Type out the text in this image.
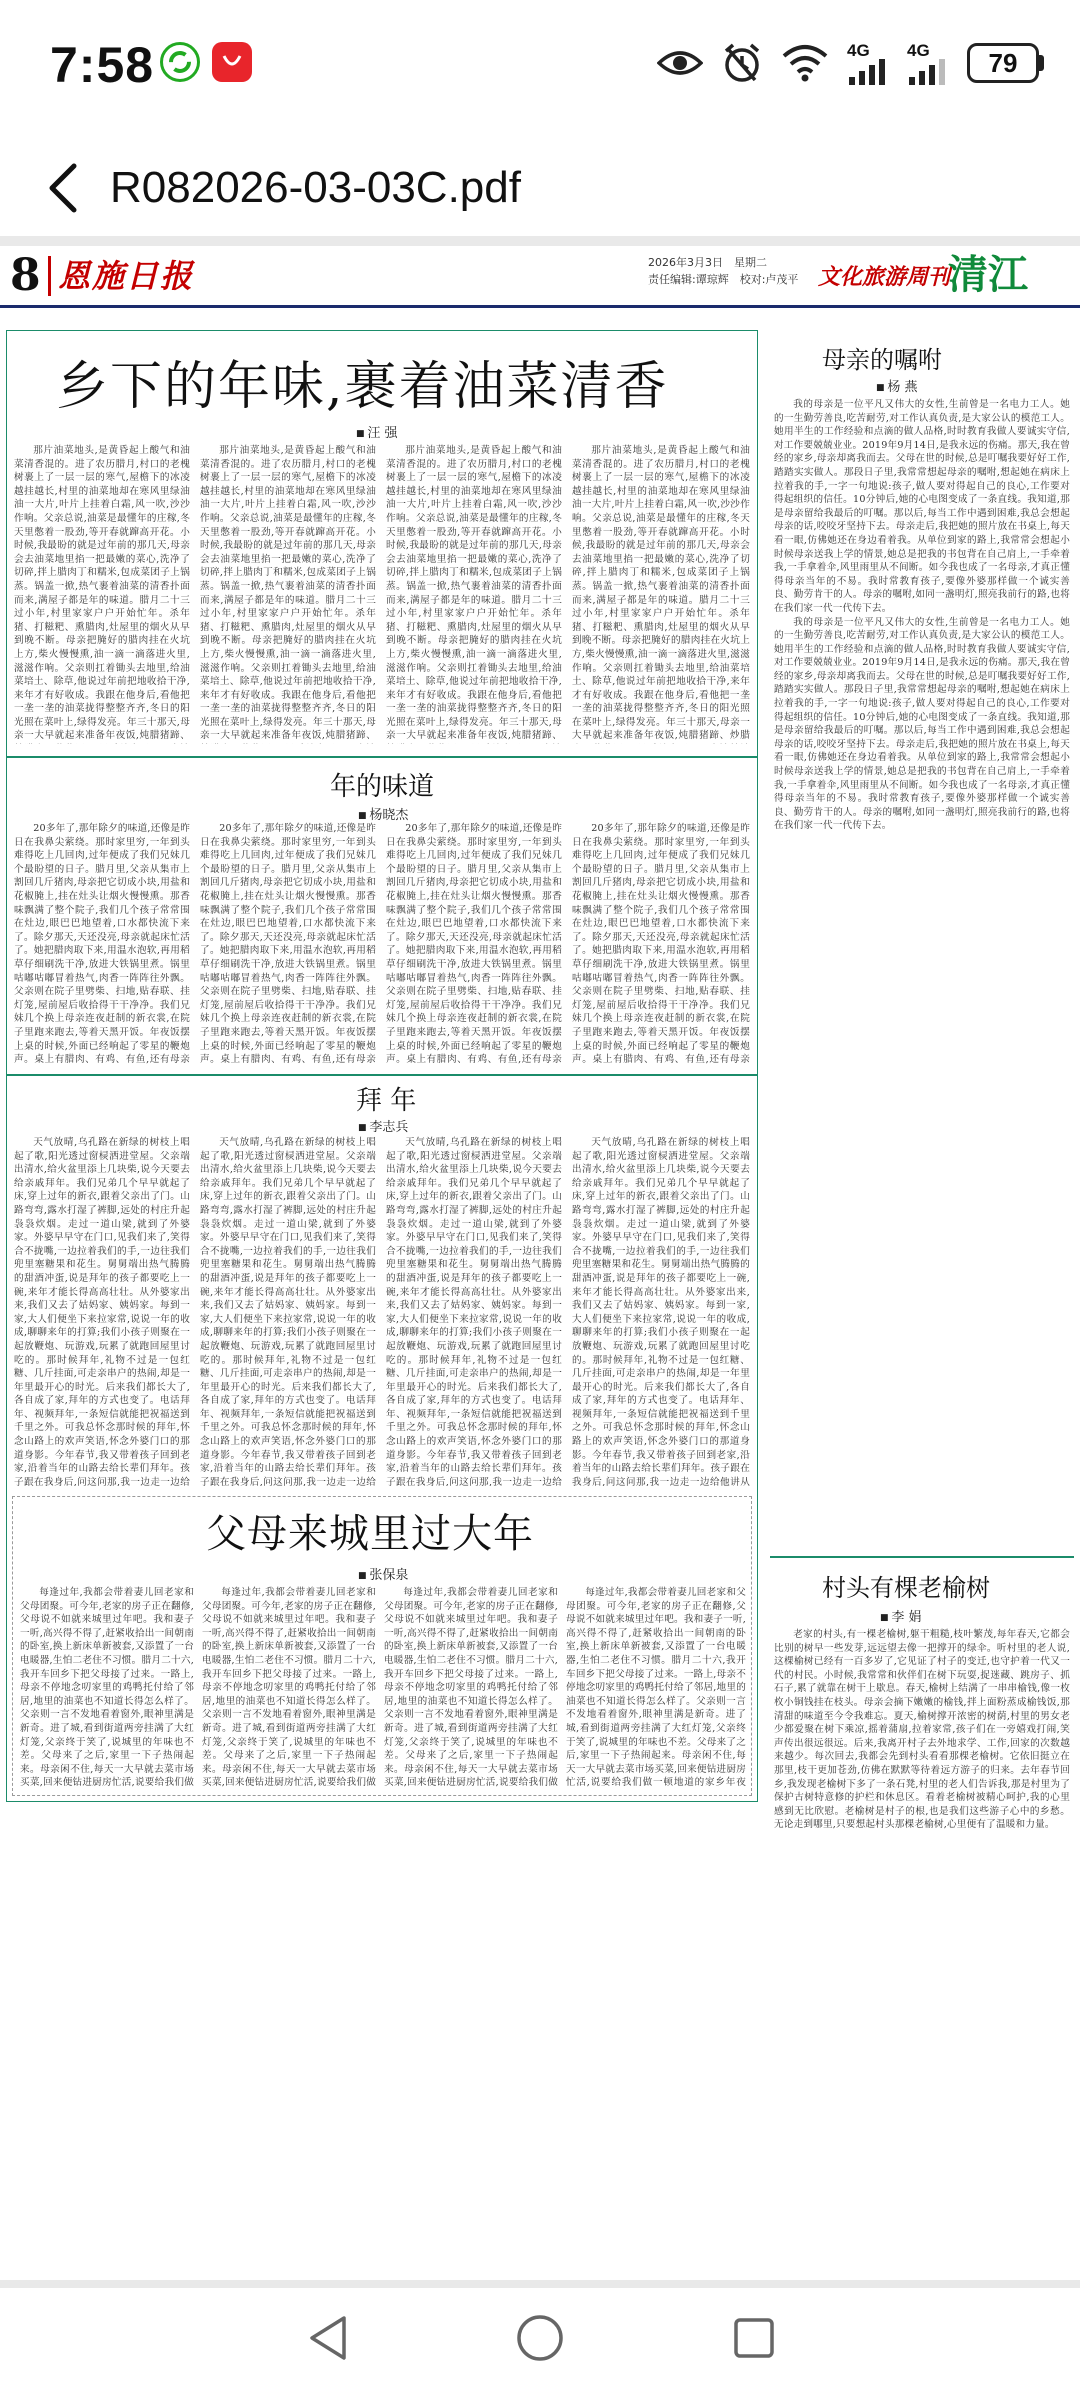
7:58	4G 4G	79
R082026-03-03C.pdf
8 恩施日报	2026年3月3日　星期二
责任编辑:谭琼辉　校对:卢茂平 文化旅游周刊
清江
乡下的年味,裹着油菜清香
■ 汪 强

那片油菜地头,是黄昏起上酸气和油菜清香混的。进了农历腊月,村口的老槐树裹上了一层一层的寒气,屋檐下的冰凌越挂越长,村里的油菜地却在寒风里绿油油一大片,叶片上挂着白霜,风一吹,沙沙作响。父亲总说,油菜是最懂年的庄稼,冬天里憋着一股劲,等开春就蹿高开花。小时候,我最盼的就是过年前的那几天,母亲会去油菜地里掐一把最嫩的菜心,洗净了切碎,拌上腊肉丁和糯米,包成菜团子上锅蒸。锅盖一掀,热气裹着油菜的清香扑面而来,满屋子都是年的味道。腊月二十三过小年,村里家家户户开始忙年。杀年猪、打糍粑、熏腊肉,灶屋里的烟火从早到晚不断。母亲把腌好的腊肉挂在火坑上方,柴火慢慢熏,油一滴一滴落进火里,滋滋作响。父亲则扛着锄头去地里,给油菜培土、除草,他说过年前把地收拾干净,来年才有好收成。我跟在他身后,看他把一垄一垄的油菜拢得整整齐齐,冬日的阳光照在菜叶上,绿得发亮。年三十那天,母亲一大早就起来准备年夜饭,炖腊猪蹄、

那片油菜地头,是黄昏起上酸气和油菜清香混的。进了农历腊月,村口的老槐树裹上了一层一层的寒气,屋檐下的冰凌越挂越长,村里的油菜地却在寒风里绿油油一大片,叶片上挂着白霜,风一吹,沙沙作响。父亲总说,油菜是最懂年的庄稼,冬天里憋着一股劲,等开春就蹿高开花。小时候,我最盼的就是过年前的那几天,母亲会去油菜地里掐一把最嫩的菜心,洗净了切碎,拌上腊肉丁和糯米,包成菜团子上锅蒸。锅盖一掀,热气裹着油菜的清香扑面而来,满屋子都是年的味道。腊月二十三过小年,村里家家户户开始忙年。杀年猪、打糍粑、熏腊肉,灶屋里的烟火从早到晚不断。母亲把腌好的腊肉挂在火坑上方,柴火慢慢熏,油一滴一滴落进火里,滋滋作响。父亲则扛着锄头去地里,给油菜培土、除草,他说过年前把地收拾干净,来年才有好收成。我跟在他身后,看他把一垄一垄的油菜拢得整整齐齐,冬日的阳光照在菜叶上,绿得发亮。年三十那天,母亲一大早就起来准备年夜饭,炖腊猪蹄、

那片油菜地头,是黄昏起上酸气和油菜清香混的。进了农历腊月,村口的老槐树裹上了一层一层的寒气,屋檐下的冰凌越挂越长,村里的油菜地却在寒风里绿油油一大片,叶片上挂着白霜,风一吹,沙沙作响。父亲总说,油菜是最懂年的庄稼,冬天里憋着一股劲,等开春就蹿高开花。小时候,我最盼的就是过年前的那几天,母亲会去油菜地里掐一把最嫩的菜心,洗净了切碎,拌上腊肉丁和糯米,包成菜团子上锅蒸。锅盖一掀,热气裹着油菜的清香扑面而来,满屋子都是年的味道。腊月二十三过小年,村里家家户户开始忙年。杀年猪、打糍粑、熏腊肉,灶屋里的烟火从早到晚不断。母亲把腌好的腊肉挂在火坑上方,柴火慢慢熏,油一滴一滴落进火里,滋滋作响。父亲则扛着锄头去地里,给油菜培土、除草,他说过年前把地收拾干净,来年才有好收成。我跟在他身后,看他把一垄一垄的油菜拢得整整齐齐,冬日的阳光照在菜叶上,绿得发亮。年三十那天,母亲一大早就起来准备年夜饭,炖腊猪蹄、

那片油菜地头,是黄昏起上酸气和油菜清香混的。进了农历腊月,村口的老槐树裹上了一层一层的寒气,屋檐下的冰凌越挂越长,村里的油菜地却在寒风里绿油油一大片,叶片上挂着白霜,风一吹,沙沙作响。父亲总说,油菜是最懂年的庄稼,冬天里憋着一股劲,等开春就蹿高开花。小时候,我最盼的就是过年前的那几天,母亲会去油菜地里掐一把最嫩的菜心,洗净了切碎,拌上腊肉丁和糯米,包成菜团子上锅蒸。锅盖一掀,热气裹着油菜的清香扑面而来,满屋子都是年的味道。腊月二十三过小年,村里家家户户开始忙年。杀年猪、打糍粑、熏腊肉,灶屋里的烟火从早到晚不断。母亲把腌好的腊肉挂在火坑上方,柴火慢慢熏,油一滴一滴落进火里,滋滋作响。父亲则扛着锄头去地里,给油菜培土、除草,他说过年前把地收拾干净,来年才有好收成。我跟在他身后,看他把一垄一垄的油菜拢得整整齐齐,冬日的阳光照在菜叶上,绿得发亮。年三十那天,母亲一大早就起来准备年夜饭,炖腊猪蹄、炒腊

年的味道
■ 杨晓杰

20多年了,那年除夕的味道,还像是昨日在我鼻尖萦绕。那时家里穷,一年到头难得吃上几回肉,过年便成了我们兄妹几个最盼望的日子。腊月里,父亲从集市上割回几斤猪肉,母亲把它切成小块,用盐和花椒腌上,挂在灶头让烟火慢慢熏。那香味飘满了整个院子,我们几个孩子常常围在灶边,眼巴巴地望着,口水都快流下来了。除夕那天,天还没亮,母亲就起床忙活了。她把腊肉取下来,用温水泡软,再用稻草仔细刷洗干净,放进大铁锅里煮。锅里咕嘟咕嘟冒着热气,肉香一阵阵往外飘。父亲则在院子里劈柴、扫地,贴春联、挂灯笼,屋前屋后收拾得干干净净。我们兄妹几个换上母亲连夜赶制的新衣裳,在院子里跑来跑去,等着天黑开饭。年夜饭摆上桌的时候,外面已经响起了零星的鞭炮声。桌上有腊肉、有鸡、有鱼,还有母亲

20多年了,那年除夕的味道,还像是昨日在我鼻尖萦绕。那时家里穷,一年到头难得吃上几回肉,过年便成了我们兄妹几个最盼望的日子。腊月里,父亲从集市上割回几斤猪肉,母亲把它切成小块,用盐和花椒腌上,挂在灶头让烟火慢慢熏。那香味飘满了整个院子,我们几个孩子常常围在灶边,眼巴巴地望着,口水都快流下来了。除夕那天,天还没亮,母亲就起床忙活了。她把腊肉取下来,用温水泡软,再用稻草仔细刷洗干净,放进大铁锅里煮。锅里咕嘟咕嘟冒着热气,肉香一阵阵往外飘。父亲则在院子里劈柴、扫地,贴春联、挂灯笼,屋前屋后收拾得干干净净。我们兄妹几个换上母亲连夜赶制的新衣裳,在院子里跑来跑去,等着天黑开饭。年夜饭摆上桌的时候,外面已经响起了零星的鞭炮声。桌上有腊肉、有鸡、有鱼,还有母亲

20多年了,那年除夕的味道,还像是昨日在我鼻尖萦绕。那时家里穷,一年到头难得吃上几回肉,过年便成了我们兄妹几个最盼望的日子。腊月里,父亲从集市上割回几斤猪肉,母亲把它切成小块,用盐和花椒腌上,挂在灶头让烟火慢慢熏。那香味飘满了整个院子,我们几个孩子常常围在灶边,眼巴巴地望着,口水都快流下来了。除夕那天,天还没亮,母亲就起床忙活了。她把腊肉取下来,用温水泡软,再用稻草仔细刷洗干净,放进大铁锅里煮。锅里咕嘟咕嘟冒着热气,肉香一阵阵往外飘。父亲则在院子里劈柴、扫地,贴春联、挂灯笼,屋前屋后收拾得干干净净。我们兄妹几个换上母亲连夜赶制的新衣裳,在院子里跑来跑去,等着天黑开饭。年夜饭摆上桌的时候,外面已经响起了零星的鞭炮声。桌上有腊肉、有鸡、有鱼,还有母亲

20多年了,那年除夕的味道,还像是昨日在我鼻尖萦绕。那时家里穷,一年到头难得吃上几回肉,过年便成了我们兄妹几个最盼望的日子。腊月里,父亲从集市上割回几斤猪肉,母亲把它切成小块,用盐和花椒腌上,挂在灶头让烟火慢慢熏。那香味飘满了整个院子,我们几个孩子常常围在灶边,眼巴巴地望着,口水都快流下来了。除夕那天,天还没亮,母亲就起床忙活了。她把腊肉取下来,用温水泡软,再用稻草仔细刷洗干净,放进大铁锅里煮。锅里咕嘟咕嘟冒着热气,肉香一阵阵往外飘。父亲则在院子里劈柴、扫地,贴春联、挂灯笼,屋前屋后收拾得干干净净。我们兄妹几个换上母亲连夜赶制的新衣裳,在院子里跑来跑去,等着天黑开饭。年夜饭摆上桌的时候,外面已经响起了零星的鞭炮声。桌上有腊肉、有鸡、有鱼,还有母亲

拜 年
■ 李志兵

天气放晴,乌孔路在新绿的树枝上唱起了歌,阳光透过窗棂洒进堂屋。父亲端出清水,给火盆里添上几块柴,说今天要去给亲戚拜年。我们兄弟几个早早就起了床,穿上过年的新衣,跟着父亲出了门。山路弯弯,露水打湿了裤脚,远处的村庄升起袅袅炊烟。走过一道山梁,就到了外婆家。外婆早早守在门口,见我们来了,笑得合不拢嘴,一边拉着我们的手,一边往我们兜里塞糖果和花生。舅舅端出热气腾腾的甜酒冲蛋,说是拜年的孩子都要吃上一碗,来年才能长得高高壮壮。从外婆家出来,我们又去了姑妈家、姨妈家。每到一家,大人们便坐下来拉家常,说说一年的收成,聊聊来年的打算;我们小孩子则聚在一起放鞭炮、玩游戏,玩累了就跑回屋里讨吃的。那时候拜年,礼物不过是一包红糖、几斤挂面,可走亲串户的热闹,却是一年里最开心的时光。后来我们都长大了,各自成了家,拜年的方式也变了。电话拜年、视频拜年,一条短信就能把祝福送到千里之外。可我总怀念那时候的拜年,怀念山路上的欢声笑语,怀念外婆门口的那道身影。今年春节,我又带着孩子回到老家,沿着当年的山路去给长辈们拜年。孩子跟在我身后,问这问那,我一边走一边给

天气放晴,乌孔路在新绿的树枝上唱起了歌,阳光透过窗棂洒进堂屋。父亲端出清水,给火盆里添上几块柴,说今天要去给亲戚拜年。我们兄弟几个早早就起了床,穿上过年的新衣,跟着父亲出了门。山路弯弯,露水打湿了裤脚,远处的村庄升起袅袅炊烟。走过一道山梁,就到了外婆家。外婆早早守在门口,见我们来了,笑得合不拢嘴,一边拉着我们的手,一边往我们兜里塞糖果和花生。舅舅端出热气腾腾的甜酒冲蛋,说是拜年的孩子都要吃上一碗,来年才能长得高高壮壮。从外婆家出来,我们又去了姑妈家、姨妈家。每到一家,大人们便坐下来拉家常,说说一年的收成,聊聊来年的打算;我们小孩子则聚在一起放鞭炮、玩游戏,玩累了就跑回屋里讨吃的。那时候拜年,礼物不过是一包红糖、几斤挂面,可走亲串户的热闹,却是一年里最开心的时光。后来我们都长大了,各自成了家,拜年的方式也变了。电话拜年、视频拜年,一条短信就能把祝福送到千里之外。可我总怀念那时候的拜年,怀念山路上的欢声笑语,怀念外婆门口的那道身影。今年春节,我又带着孩子回到老家,沿着当年的山路去给长辈们拜年。孩子跟在我身后,问这问那,我一边走一边给

天气放晴,乌孔路在新绿的树枝上唱起了歌,阳光透过窗棂洒进堂屋。父亲端出清水,给火盆里添上几块柴,说今天要去给亲戚拜年。我们兄弟几个早早就起了床,穿上过年的新衣,跟着父亲出了门。山路弯弯,露水打湿了裤脚,远处的村庄升起袅袅炊烟。走过一道山梁,就到了外婆家。外婆早早守在门口,见我们来了,笑得合不拢嘴,一边拉着我们的手,一边往我们兜里塞糖果和花生。舅舅端出热气腾腾的甜酒冲蛋,说是拜年的孩子都要吃上一碗,来年才能长得高高壮壮。从外婆家出来,我们又去了姑妈家、姨妈家。每到一家,大人们便坐下来拉家常,说说一年的收成,聊聊来年的打算;我们小孩子则聚在一起放鞭炮、玩游戏,玩累了就跑回屋里讨吃的。那时候拜年,礼物不过是一包红糖、几斤挂面,可走亲串户的热闹,却是一年里最开心的时光。后来我们都长大了,各自成了家,拜年的方式也变了。电话拜年、视频拜年,一条短信就能把祝福送到千里之外。可我总怀念那时候的拜年,怀念山路上的欢声笑语,怀念外婆门口的那道身影。今年春节,我又带着孩子回到老家,沿着当年的山路去给长辈们拜年。孩子跟在我身后,问这问那,我一边走一边给

天气放晴,乌孔路在新绿的树枝上唱起了歌,阳光透过窗棂洒进堂屋。父亲端出清水,给火盆里添上几块柴,说今天要去给亲戚拜年。我们兄弟几个早早就起了床,穿上过年的新衣,跟着父亲出了门。山路弯弯,露水打湿了裤脚,远处的村庄升起袅袅炊烟。走过一道山梁,就到了外婆家。外婆早早守在门口,见我们来了,笑得合不拢嘴,一边拉着我们的手,一边往我们兜里塞糖果和花生。舅舅端出热气腾腾的甜酒冲蛋,说是拜年的孩子都要吃上一碗,来年才能长得高高壮壮。从外婆家出来,我们又去了姑妈家、姨妈家。每到一家,大人们便坐下来拉家常,说说一年的收成,聊聊来年的打算;我们小孩子则聚在一起放鞭炮、玩游戏,玩累了就跑回屋里讨吃的。那时候拜年,礼物不过是一包红糖、几斤挂面,可走亲串户的热闹,却是一年里最开心的时光。后来我们都长大了,各自成了家,拜年的方式也变了。电话拜年、视频拜年,一条短信就能把祝福送到千里之外。可我总怀念那时候的拜年,怀念山路上的欢声笑语,怀念外婆门口的那道身影。今年春节,我又带着孩子回到老家,沿着当年的山路去给长辈们拜年。孩子跟在我身后,问这问那,我一边走一边给他讲从

父母来城里过大年
■ 张保泉

每逢过年,我都会带着妻儿回老家和父母团聚。可今年,老家的房子正在翻修,父母说不如就来城里过年吧。我和妻子一听,高兴得不得了,赶紧收拾出一间朝南的卧室,换上新床单新被套,又添置了一台电暖器,生怕二老住不习惯。腊月二十六,我开车回乡下把父母接了过来。一路上,母亲不停地念叨家里的鸡鸭托付给了邻居,地里的油菜也不知道长得怎么样了。父亲则一言不发地看着窗外,眼神里满是新奇。进了城,看到街道两旁挂满了大红灯笼,父亲终于笑了,说城里的年味也不差。父母来了之后,家里一下子热闹起来。母亲闲不住,每天一大早就去菜市场买菜,回来便钻进厨房忙活,说要给我们做

每逢过年,我都会带着妻儿回老家和父母团聚。可今年,老家的房子正在翻修,父母说不如就来城里过年吧。我和妻子一听,高兴得不得了,赶紧收拾出一间朝南的卧室,换上新床单新被套,又添置了一台电暖器,生怕二老住不习惯。腊月二十六,我开车回乡下把父母接了过来。一路上,母亲不停地念叨家里的鸡鸭托付给了邻居,地里的油菜也不知道长得怎么样了。父亲则一言不发地看着窗外,眼神里满是新奇。进了城,看到街道两旁挂满了大红灯笼,父亲终于笑了,说城里的年味也不差。父母来了之后,家里一下子热闹起来。母亲闲不住,每天一大早就去菜市场买菜,回来便钻进厨房忙活,说要给我们做

每逢过年,我都会带着妻儿回老家和父母团聚。可今年,老家的房子正在翻修,父母说不如就来城里过年吧。我和妻子一听,高兴得不得了,赶紧收拾出一间朝南的卧室,换上新床单新被套,又添置了一台电暖器,生怕二老住不习惯。腊月二十六,我开车回乡下把父母接了过来。一路上,母亲不停地念叨家里的鸡鸭托付给了邻居,地里的油菜也不知道长得怎么样了。父亲则一言不发地看着窗外,眼神里满是新奇。进了城,看到街道两旁挂满了大红灯笼,父亲终于笑了,说城里的年味也不差。父母来了之后,家里一下子热闹起来。母亲闲不住,每天一大早就去菜市场买菜,回来便钻进厨房忙活,说要给我们做

每逢过年,我都会带着妻儿回老家和父母团聚。可今年,老家的房子正在翻修,父母说不如就来城里过年吧。我和妻子一听,高兴得不得了,赶紧收拾出一间朝南的卧室,换上新床单新被套,又添置了一台电暖器,生怕二老住不习惯。腊月二十六,我开车回乡下把父母接了过来。一路上,母亲不停地念叨家里的鸡鸭托付给了邻居,地里的油菜也不知道长得怎么样了。父亲则一言不发地看着窗外,眼神里满是新奇。进了城,看到街道两旁挂满了大红灯笼,父亲终于笑了,说城里的年味也不差。父母来了之后,家里一下子热闹起来。母亲闲不住,每天一大早就去菜市场买菜,回来便钻进厨房忙活,说要给我们做一顿地道的家乡年夜

母亲的嘱咐
■ 杨 燕

我的母亲是一位平凡又伟大的女性,生前曾是一名电力工人。她的一生勤劳善良,吃苦耐劳,对工作认真负责,是大家公认的模范工人。她用半生的工作经验和点滴的做人品格,时时教育我做人要诚实守信,对工作要兢兢业业。2019年9月14日,是我永远的伤痛。那天,我在曾经的家乡,母亲却离我而去。父母在世的时候,总是叮嘱我要好好工作,踏踏实实做人。那段日子里,我常常想起母亲的嘱咐,想起她在病床上拉着我的手,一字一句地说:孩子,做人要对得起自己的良心,工作要对得起组织的信任。10分钟后,她的心电图变成了一条直线。我知道,那是母亲留给我最后的叮嘱。那以后,每当工作中遇到困难,我总会想起母亲的话,咬咬牙坚持下去。母亲走后,我把她的照片放在书桌上,每天看一眼,仿佛她还在身边看着我。从单位到家的路上,我常常会想起小时候母亲送我上学的情景,她总是把我的书包背在自己肩上,一手牵着我,一手拿着伞,风里雨里从不间断。如今我也成了一名母亲,才真正懂得母亲当年的不易。我时常教育孩子,要像外婆那样做一个诚实善良、勤劳肯干的人。母亲的嘱咐,如同一盏明灯,照亮我前行的路,也将在我们家一代一代传下去。

我的母亲是一位平凡又伟大的女性,生前曾是一名电力工人。她的一生勤劳善良,吃苦耐劳,对工作认真负责,是大家公认的模范工人。她用半生的工作经验和点滴的做人品格,时时教育我做人要诚实守信,对工作要兢兢业业。2019年9月14日,是我永远的伤痛。那天,我在曾经的家乡,母亲却离我而去。父母在世的时候,总是叮嘱我要好好工作,踏踏实实做人。那段日子里,我常常想起母亲的嘱咐,想起她在病床上拉着我的手,一字一句地说:孩子,做人要对得起自己的良心,工作要对得起组织的信任。10分钟后,她的心电图变成了一条直线。我知道,那是母亲留给我最后的叮嘱。那以后,每当工作中遇到困难,我总会想起母亲的话,咬咬牙坚持下去。母亲走后,我把她的照片放在书桌上,每天看一眼,仿佛她还在身边看着我。从单位到家的路上,我常常会想起小时候母亲送我上学的情景,她总是把我的书包背在自己肩上,一手牵着我,一手拿着伞,风里雨里从不间断。如今我也成了一名母亲,才真正懂得母亲当年的不易。我时常教育孩子,要像外婆那样做一个诚实善良、勤劳肯干的人。母亲的嘱咐,如同一盏明灯,照亮我前行的路,也将在我们家一代一代传下去。

村头有棵老榆树
■ 李 娟

老家的村头,有一棵老榆树,躯干粗糙,枝叶繁茂,每年春天,它都会比别的树早一些发芽,远远望去像一把撑开的绿伞。听村里的老人说,这棵榆树已经有一百多岁了,它见证了村子的变迁,也守护着一代又一代的村民。小时候,我常常和伙伴们在树下玩耍,捉迷藏、跳房子、抓石子,累了就靠在树干上歇息。春天,榆树上结满了一串串榆钱,像一枚枚小铜钱挂在枝头。母亲会摘下嫩嫩的榆钱,拌上面粉蒸成榆钱饭,那清甜的味道至今令我难忘。夏天,榆树撑开浓密的树荫,村里的男女老少都爱聚在树下乘凉,摇着蒲扇,拉着家常,孩子们在一旁嬉戏打闹,笑声传出很远很远。后来,我离开村子去外地求学、工作,回家的次数越来越少。每次回去,我都会先到村头看看那棵老榆树。它依旧挺立在那里,枝干更加苍劲,仿佛在默默等待着远方游子的归来。去年春节回乡,我发现老榆树下多了一条石凳,村里的老人们告诉我,那是村里为了保护古树特意修的护栏和休息区。看着老榆树被精心呵护,我的心里感到无比欣慰。老榆树是村子的根,也是我们这些游子心中的乡愁。无论走到哪里,只要想起村头那棵老榆树,心里便有了温暖和力量。
